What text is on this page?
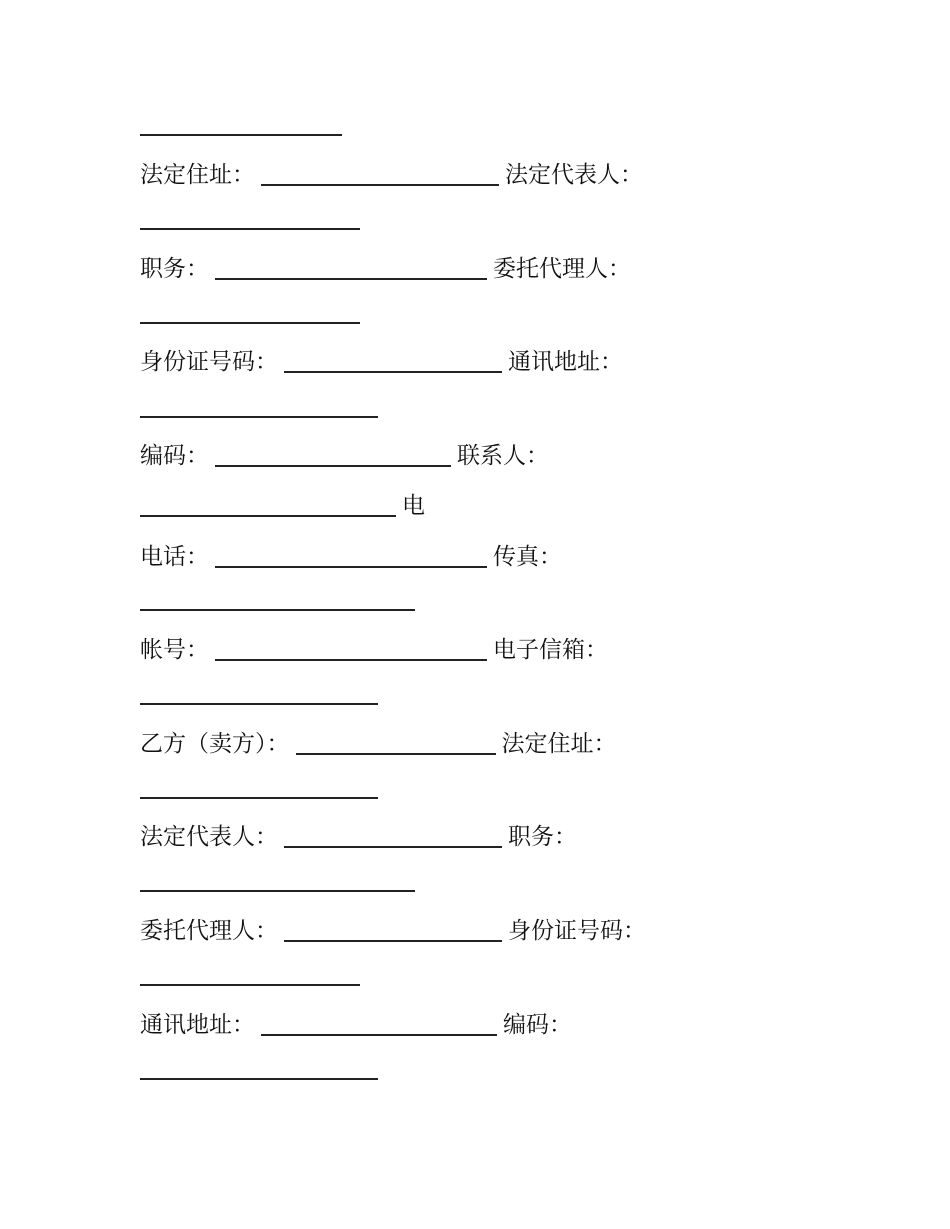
法定住址：	法定代表人：
职务：	委托代理人：
身份证号码：	通讯地址：
编码：	联系人：
电
电话：	传真：
帐号：	电子信箱：
乙方（卖方）：	法定住址：
法定代表人：	职务：
委托代理人：	身份证号码：
通讯地址：	编码：
